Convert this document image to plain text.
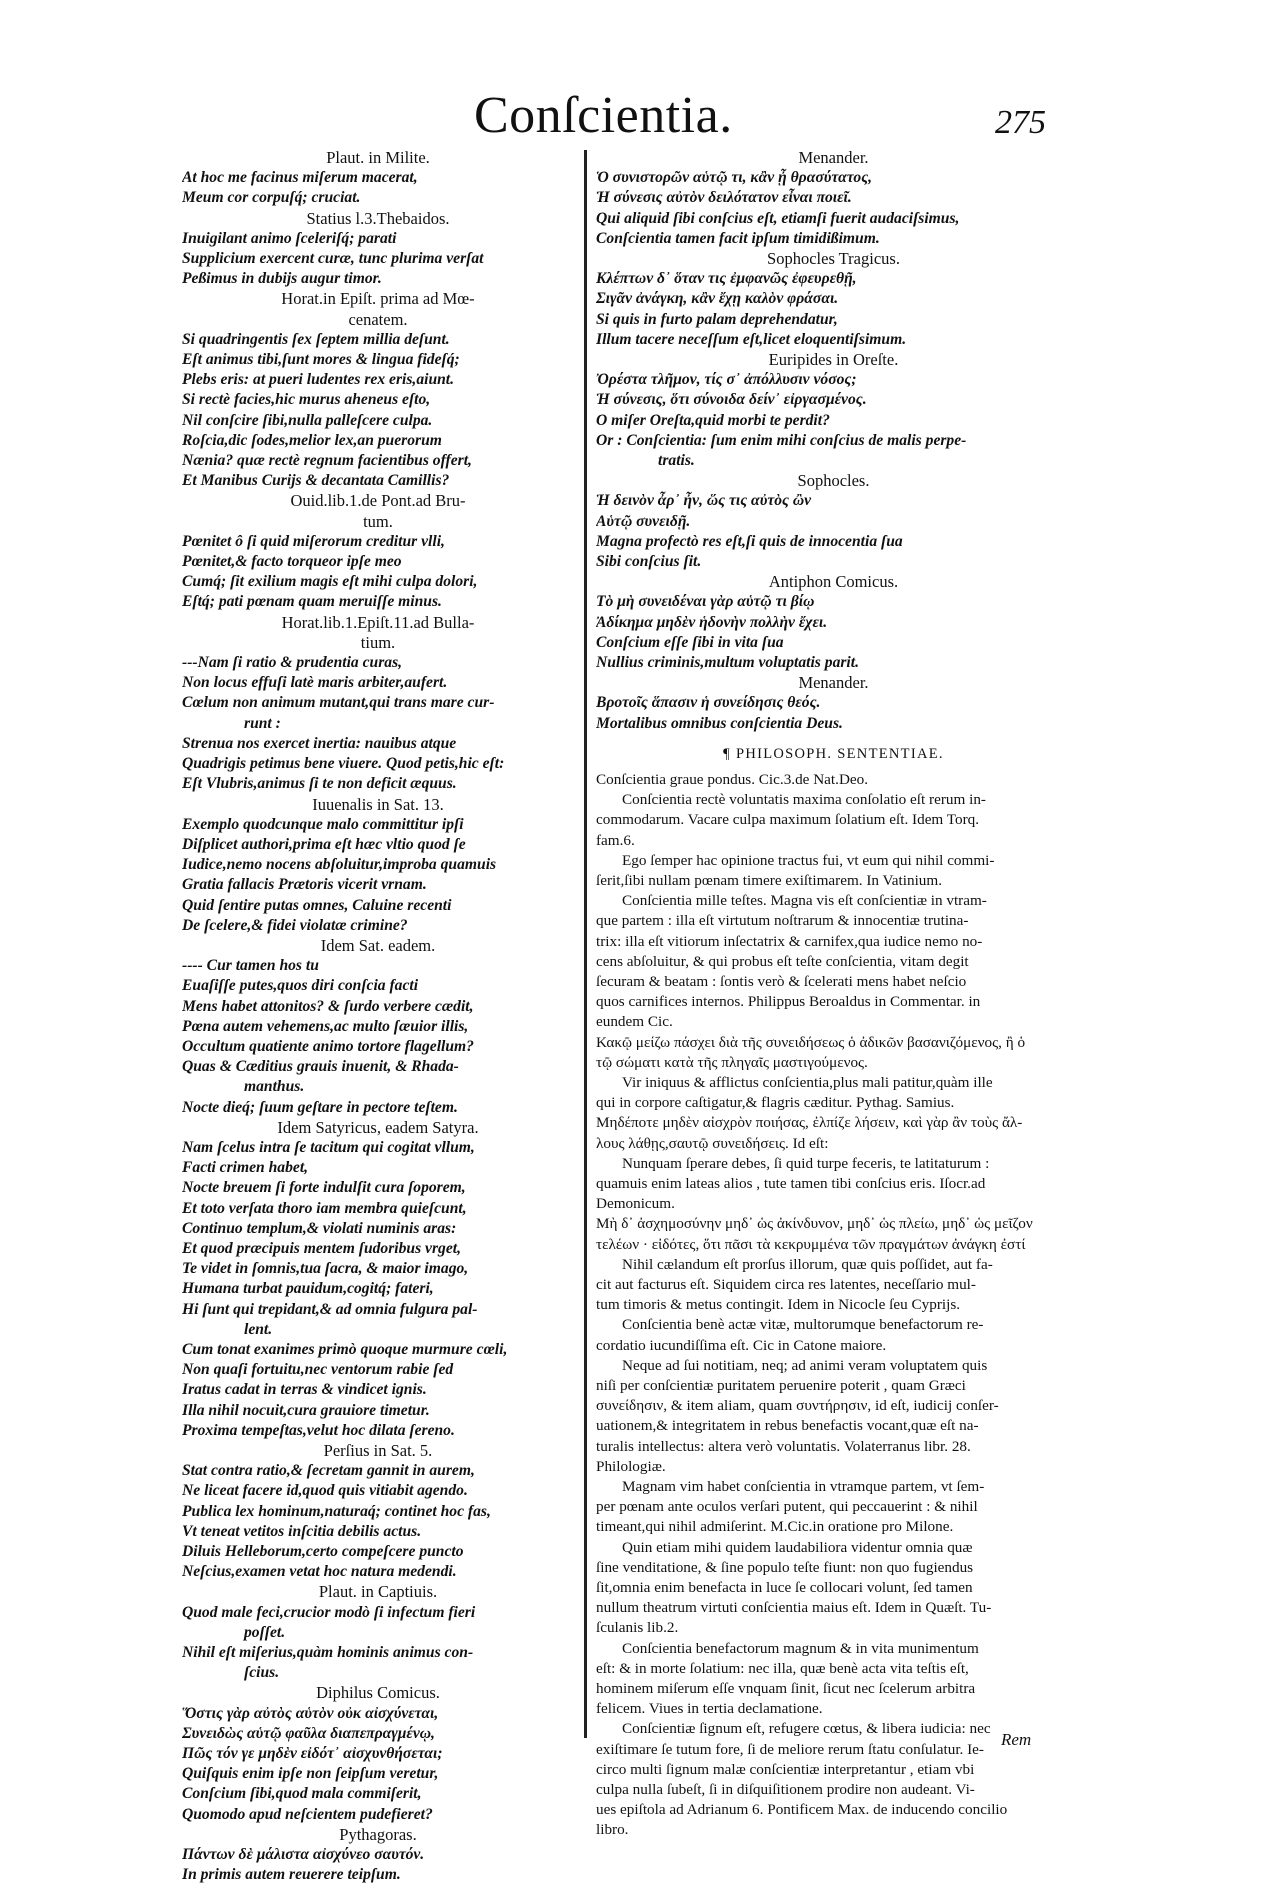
Conſcientia.	275
Plaut. in Milite.
At hoc me facinus miſerum macerat,
Meum cor corpuſq́; cruciat.
Statius l.3.Thebaidos.
Inuigilant animo ſceleriſq́; parati
Supplicium exercent curæ, tunc plurima verſat
Peßimus in dubijs augur timor.
Horat.in Epiſt. prima ad Mœ-
cenatem.
Si quadringentis ſex ſeptem millia deſunt.
Eſt animus tibi,ſunt mores & lingua fideſq́;
Plebs eris: at pueri ludentes rex eris,aiunt.
Si rectè facies,hic murus aheneus eſto,
Nil conſcire ſibi,nulla palleſcere culpa.
Roſcia,dic ſodes,melior lex,an puerorum
Nænia? quæ rectè regnum facientibus offert,
Et Manibus Curijs & decantata Camillis?
Ouid.lib.1.de Pont.ad Bru-
tum.
Pœnitet ô ſi quid miſerorum creditur vlli,
Pœnitet,& facto torqueor ipſe meo
Cumq́; ſit exilium magis eſt mihi culpa dolori,
Eſtq́; pati pœnam quam meruiſſe minus.
Horat.lib.1.Epiſt.11.ad Bulla-
tium.
---Nam ſi ratio & prudentia curas,
Non locus effuſi latè maris arbiter,aufert.
Cœlum non animum mutant,qui trans mare cur-
runt :
Strenua nos exercet inertia: nauibus atque
Quadrigis petimus bene viuere. Quod petis,hic eſt:
Eſt Vlubris,animus ſi te non deficit æquus.
Iuuenalis in Sat. 13.
Exemplo quodcunque malo committitur ipſi
Diſplicet authori,prima eſt hæc vltio quod ſe
Iudice,nemo nocens abſoluitur,improba quamuis
Gratia fallacis Prætoris vicerit vrnam.
Quid ſentire putas omnes, Caluine recenti
De ſcelere,& fidei violatæ crimine?
Idem Sat. eadem.
---- Cur tamen hos tu
Euaſiſſe putes,quos diri conſcia facti
Mens habet attonitos? & ſurdo verbere cædit,
Pœna autem vehemens,ac multo ſæuior illis,
Occultum quatiente animo tortore flagellum?
Quas & Cæditius grauis inuenit, & Rhada-
manthus.
Nocte dieq́; ſuum geſtare in pectore teſtem.
Idem Satyricus, eadem Satyra.
Nam ſcelus intra ſe tacitum qui cogitat vllum,
Facti crimen habet,
Nocte breuem ſi forte indulſit cura ſoporem,
Et toto verſata thoro iam membra quieſcunt,
Continuo templum,& violati numinis aras:
Et quod præcipuis mentem ſudoribus vrget,
Te videt in ſomnis,tua ſacra, & maior imago,
Humana turbat pauidum,cogitq́; fateri,
Hi ſunt qui trepidant,& ad omnia fulgura pal-
lent.
Cum tonat exanimes primò quoque murmure cœli,
Non quaſi fortuitu,nec ventorum rabie ſed
Iratus cadat in terras & vindicet ignis.
Illa nihil nocuit,cura grauiore timetur.
Proxima tempeſtas,velut hoc dilata ſereno.
Perſius in Sat. 5.
Stat contra ratio,& ſecretam gannit in aurem,
Ne liceat facere id,quod quis vitiabit agendo.
Publica lex hominum,naturaq́; continet hoc fas,
Vt teneat vetitos inſcitia debilis actus.
Diluis Helleborum,certo compeſcere puncto
Neſcius,examen vetat hoc natura medendi.
Plaut. in Captiuis.
Quod male feci,crucior modò ſi infectum fieri
poſſet.
Nihil eſt miſerius,quàm hominis animus con-
ſcius.
Diphilus Comicus.
Ὅστις γὰρ αὐτὸς αὑτὸν οὐκ αἰσχύνεται,
Συνειδὼς αὑτῷ φαῦλα διαπεπραγμένῳ,
Πῶς τόν γε μηδὲν εἰδότ᾽ αἰσχυνθήσεται;
Quiſquis enim ipſe non ſeipſum veretur,
Conſcium ſibi,quod mala commiſerit,
Quomodo apud neſcientem pudefieret?
Pythagoras.
Πάντων δὲ μάλιστα αἰσχύνεο σαυτόν.
In primis autem reuerere teipſum.
Menander.
Ὁ συνιστορῶν αὑτῷ τι, κἂν ᾖ θρασύτατος,
Ἡ σύνεσις αὐτὸν δειλότατον εἶναι ποιεῖ.
Qui aliquid ſibi conſcius eſt, etiamſi fuerit audaciſsimus,
Conſcientia tamen facit ipſum timidißimum.
Sophocles Tragicus.
Κλέπτων δ᾽ ὅταν τις ἐμφανῶς ἐφευρεθῇ,
Σιγᾶν ἀνάγκη, κἂν ἔχῃ καλὸν φράσαι.
Si quis in furto palam deprehendatur,
Illum tacere neceſſum eſt,licet eloquentiſsimum.
Euripides in Oreſte.
Ὀρέστα τλῆμον, τίς σ᾽ ἀπόλλυσιν νόσος;
Ἡ σύνεσις, ὅτι σύνοιδα δείν᾽ εἰργασμένος.
O miſer Oreſta,quid morbi te perdit?
Or : Conſcientia: ſum enim mihi conſcius de malis perpe-
tratis.
Sophocles.
Ἡ δεινὸν ἆρ᾽ ἦν, ὥς τις αὐτὸς ὢν
Αὑτῷ συνειδῇ.
Magna profectò res eſt,ſi quis de innocentia ſua
Sibi conſcius ſit.
Antiphon Comicus.
Τὸ μὴ συνειδέναι γὰρ αὑτῷ τι βίῳ
Ἀδίκημα μηδὲν ἡδονὴν πολλὴν ἔχει.
Conſcium eſſe ſibi in vita ſua
Nullius criminis,multum voluptatis parit.
Menander.
Βροτοῖς ἅπασιν ἡ συνείδησις θεός.
Mortalibus omnibus conſcientia Deus.
¶ PHILOSOPH. SENTENTIAE.
Conſcientia graue pondus. Cic.3.de Nat.Deo.
Conſcientia rectè voluntatis maxima conſolatio eſt rerum in-
commodarum. Vacare culpa maximum ſolatium eſt. Idem Torq.
fam.6.
Ego ſemper hac opinione tractus fui, vt eum qui nihil commi-
ſerit,ſibi nullam pœnam timere exiſtimarem. In Vatinium.
Conſcientia mille teſtes. Magna vis eſt conſcientiæ in vtram-
que partem : illa eſt virtutum noſtrarum & innocentiæ trutina-
trix: illa eſt vitiorum inſectatrix & carnifex,qua iudice nemo no-
cens abſoluitur, & qui probus eſt teſte conſcientia, vitam degit
ſecuram & beatam : ſontis verò & ſcelerati mens habet neſcio
quos carnifices internos. Philippus Beroaldus in Commentar. in
eundem Cic.
Κακῷ μείζω πάσχει διὰ τῆς συνειδήσεως ὁ ἀδικῶν βασανιζόμενος, ἢ ὁ
τῷ σώματι κατὰ τῆς πληγαῖς μαστιγούμενος.
Vir iniquus & afflictus conſcientia,plus mali patitur,quàm ille
qui in corpore caſtigatur,& flagris cæditur. Pythag. Samius.
Μηδέποτε μηδὲν αἰσχρὸν ποιήσας, ἐλπίζε λήσειν, καὶ γὰρ ἂν τοὺς ἄλ-
λους λάθῃς,σαυτῷ συνειδήσεις. Id eſt:
Nunquam ſperare debes, ſi quid turpe feceris, te latitaturum :
quamuis enim lateas alios , tute tamen tibi conſcius eris. Iſocr.ad
Demonicum.
Μὴ δ᾽ ἀσχημοσύνην μηδ᾽ ὡς ἀκίνδυνον, μηδ᾽ ὡς πλείω, μηδ᾽ ὡς μεῖζον
τελέων · εἰδότες, ὅτι πᾶσι τὰ κεκρυμμένα τῶν πραγμάτων ἀνάγκη ἐστί
Nihil cælandum eſt prorſus illorum, quæ quis poſſidet, aut fa-
cit aut facturus eſt. Siquidem circa res latentes, neceſſario mul-
tum timoris & metus contingit. Idem in Nicocle ſeu Cyprijs.
Conſcientia benè actæ vitæ, multorumque benefactorum re-
cordatio iucundiſſima eſt. Cic in Catone maiore.
Neque ad ſui notitiam, neq; ad animi veram voluptatem quis
niſi per conſcientiæ puritatem peruenire poterit , quam Græci
συνείδησιν, & item aliam, quam συντήρησιν, id eſt, iudicij conſer-
uationem,& integritatem in rebus benefactis vocant,quæ eſt na-
turalis intellectus: altera verò voluntatis. Volaterranus libr. 28.
Philologiæ.
Magnam vim habet conſcientia in vtramque partem, vt ſem-
per pœnam ante oculos verſari putent, qui peccauerint : & nihil
timeant,qui nihil admiſerint. M.Cic.in oratione pro Milone.
Quin etiam mihi quidem laudabiliora videntur omnia quæ
ſine venditatione, & ſine populo teſte fiunt: non quo fugiendus
ſit,omnia enim benefacta in luce ſe collocari volunt, ſed tamen
nullum theatrum virtuti conſcientia maius eſt. Idem in Quæſt. Tu-
ſculanis lib.2.
Conſcientia benefactorum magnum & in vita munimentum
eſt: & in morte ſolatium: nec illa, quæ benè acta vita teſtis eſt,
hominem miſerum eſſe vnquam ſinit, ſicut nec ſcelerum arbitra
felicem. Viues in tertia declamatione.
Conſcientiæ ſignum eſt, refugere cœtus, & libera iudicia: nec
exiſtimare ſe tutum fore, ſi de meliore rerum ſtatu conſulatur. Ie-
circo multi ſignum malæ conſcientiæ interpretantur , etiam vbi
culpa nulla ſubeſt, ſi in diſquiſitionem prodire non audeant. Vi-
ues epiſtola ad Adrianum 6. Pontificem Max. de inducendo concilio
libro.
Rem
